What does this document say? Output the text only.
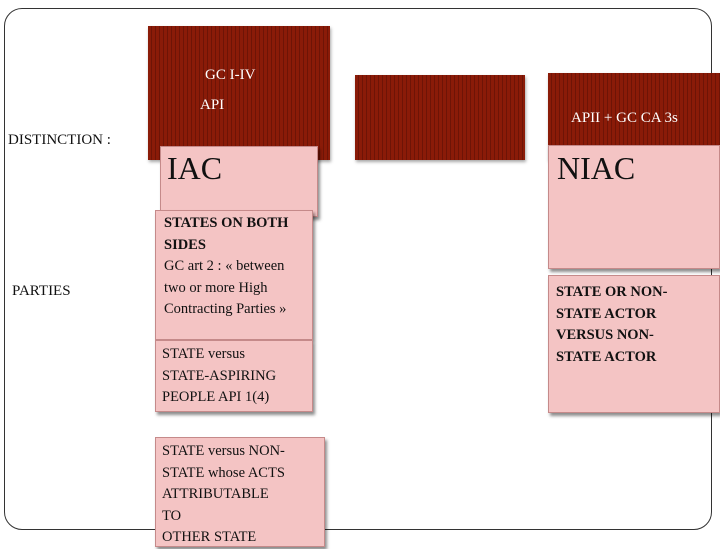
GC I-IV
API
APII + GC CA 3s
DISTINCTION :
PARTIES
IAC	NIAC
STATES ON BOTH
SIDES
GC art 2 : « between
two or more High
Contracting Parties »
STATE versus
STATE-ASPIRING
PEOPLE API 1(4)
STATE versus NON-
STATE whose ACTS
ATTRIBUTABLE
TO
OTHER STATE
STATE OR NON-
STATE ACTOR
VERSUS NON-
STATE ACTOR
